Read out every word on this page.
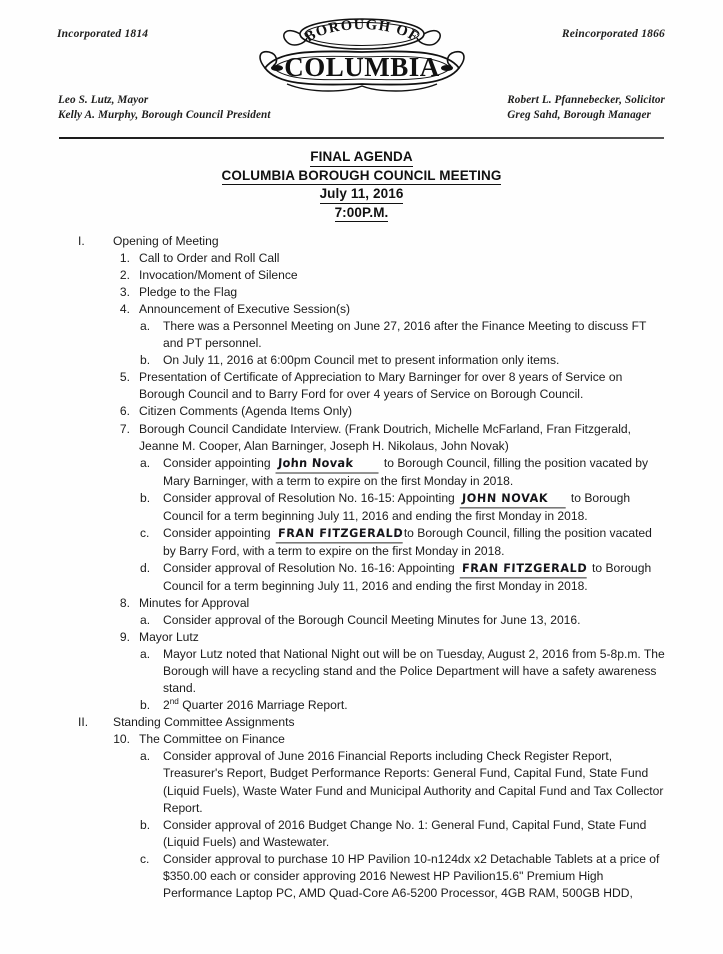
Incorporated 1814	Reincorporated 1866
BOROUGH OF
COLUMBIA
Leo S. Lutz, Mayor
Kelly A. Murphy, Borough Council President
Robert L. Pfannebecker, Solicitor
Greg Sahd, Borough Manager
FINAL AGENDA
COLUMBIA BOROUGH COUNCIL MEETING
July 11, 2016
7:00P.M.
I.	Opening of Meeting
1. Call to Order and Roll Call
2. Invocation/Moment of Silence
3. Pledge to the Flag
4. Announcement of Executive Session(s)
a.	There was a Personnel Meeting on June 27, 2016 after the Finance Meeting to discuss FT and PT personnel.
b.	On July 11, 2016 at 6:00pm Council met to present information only items.
5. Presentation of Certificate of Appreciation to Mary Barninger for over 8 years of Service on Borough Council and to Barry Ford for over 4 years of Service on Borough Council.
6. Citizen Comments (Agenda Items Only)
7. Borough Council Candidate Interview. (Frank Doutrich, Michelle McFarland, Fran Fitzgerald, Jeanne M. Cooper, Alan Barninger, Joseph H. Nikolaus, John Novak)
a.	Consider appointing John Novak	to Borough Council, filling the position vacated by Mary Barninger, with a term to expire on the first Monday in 2018.
b.	Consider approval of Resolution No. 16-15: Appointing JOHN NOVAK to Borough Council for a term beginning July 11, 2016 and ending the first Monday in 2018.
c.	Consider appointing FRAN FITZGERALDto Borough Council, filling the position vacated by Barry Ford, with a term to expire on the first Monday in 2018.
d.	Consider approval of Resolution No. 16-16: Appointing FRAN FITZGERALD to Borough Council for a term beginning July 11, 2016 and ending the first Monday in 2018.
8. Minutes for Approval
a.	Consider approval of the Borough Council Meeting Minutes for June 13, 2016.
9. Mayor Lutz
a.	Mayor Lutz noted that National Night out will be on Tuesday, August 2, 2016 from 5-8p.m. The Borough will have a recycling stand and the Police Department will have a safety awareness stand.
b.	2nd Quarter 2016 Marriage Report.
II.	Standing Committee Assignments
10. The Committee on Finance
a.	Consider approval of June 2016 Financial Reports including Check Register Report, Treasurer's Report, Budget Performance Reports: General Fund, Capital Fund, State Fund (Liquid Fuels), Waste Water Fund and Municipal Authority and Capital Fund and Tax Collector Report.
b.	Consider approval of 2016 Budget Change No. 1: General Fund, Capital Fund, State Fund (Liquid Fuels) and Wastewater.
c.	Consider approval to purchase 10 HP Pavilion 10-n124dx x2 Detachable Tablets at a price of $350.00 each or consider approving 2016 Newest HP Pavilion15.6" Premium High Performance Laptop PC, AMD Quad-Core A6-5200 Processor, 4GB RAM, 500GB HDD,
